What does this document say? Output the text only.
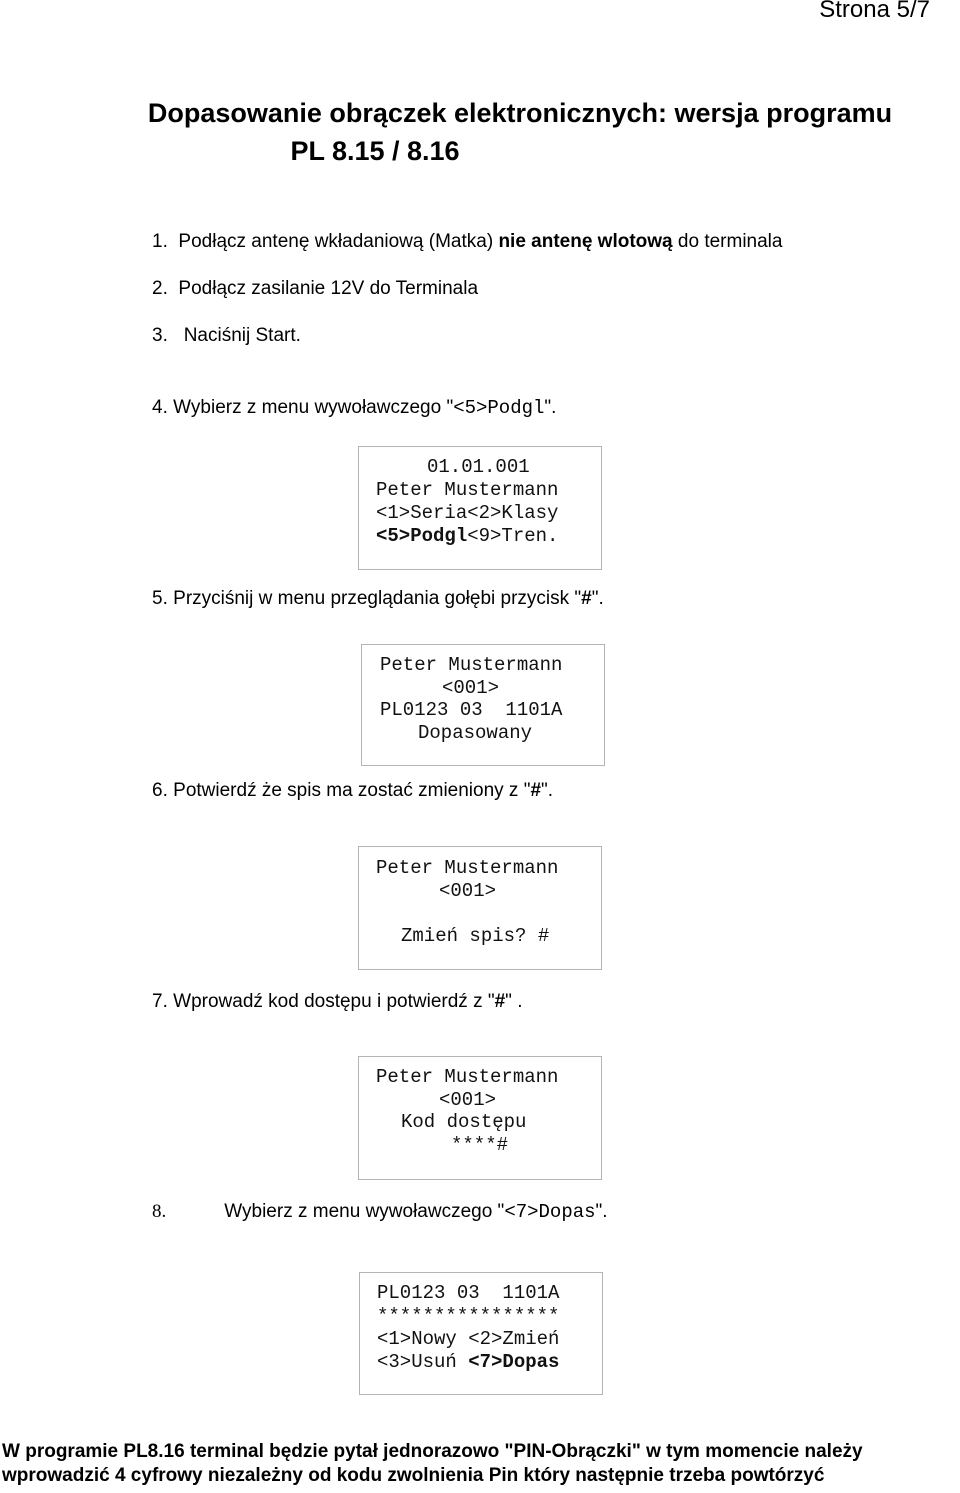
Strona 5/7
Dopasowanie obrączek elektronicznych: wersja programu
PL 8.15 / 8.16
1. Podłącz antenę wkładaniową (Matka) nie antenę wlotową do terminala
2. Podłącz zasilanie 12V do Terminala
3. Naciśnij Start.
4. Wybierz z menu wywoławczego "<5>Podgl".
01.01.001
Peter Mustermann
<1>Seria<2>Klasy
<5>Podgl<9>Tren.
5. Przyciśnij w menu przeglądania gołębi przycisk "#".
Peter Mustermann
<001>
PL0123 03  1101A
Dopasowany
6. Potwierdź że spis ma zostać zmieniony z "#".
Peter Mustermann
<001>
Zmień spis? #
7. Wprowadź kod dostępu i potwierdź z "#" .
Peter Mustermann
<001>
Kod dostępu
****#
8.	Wybierz z menu wywoławczego "<7>Dopas".
PL0123 03  1101A
****************
<1>Nowy <2>Zmień
<3>Usuń <7>Dopas
W programie PL8.16 terminal będzie pytał jednorazowo "PIN-Obrączki" w tym momencie należy
wprowadzić 4 cyfrowy niezależny od kodu zwolnienia Pin który następnie trzeba powtórzyć
